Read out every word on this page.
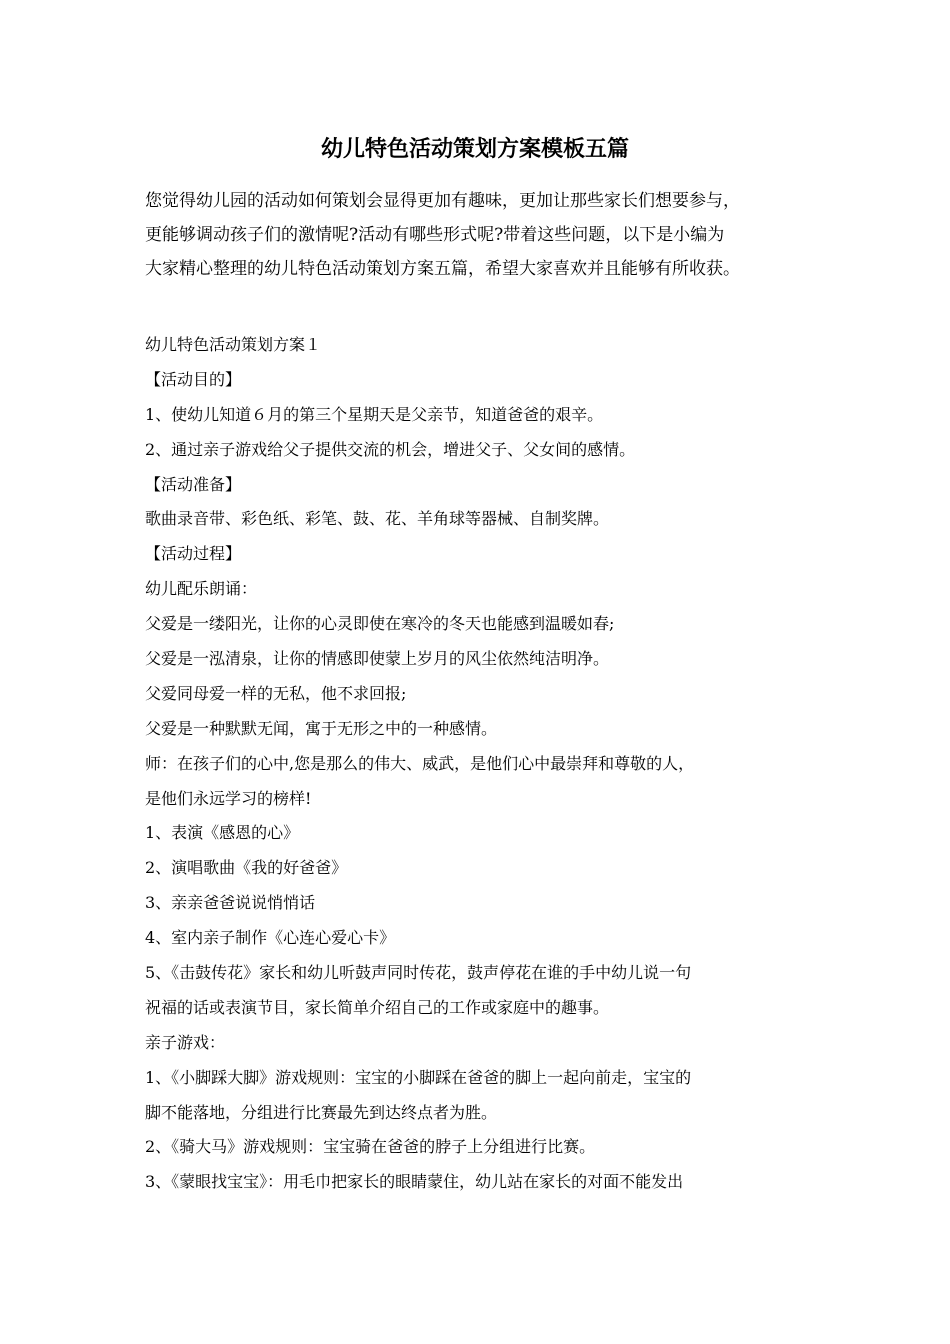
幼儿特色活动策划方案模板五篇

您觉得幼儿园的活动如何策划会显得更加有趣味，更加让那些家长们想要参与，
更能够调动孩子们的激情呢?活动有哪些形式呢?带着这些问题，以下是小编为
大家精心整理的幼儿特色活动策划方案五篇，希望大家喜欢并且能够有所收获。

幼儿特色活动策划方案１
【活动目的】
1、使幼儿知道６月的第三个星期天是父亲节，知道爸爸的艰辛。
2、通过亲子游戏给父子提供交流的机会，增进父子、父女间的感情。
【活动准备】
歌曲录音带、彩色纸、彩笔、鼓、花、羊角球等器械、自制奖牌。
【活动过程】
幼儿配乐朗诵：
父爱是一缕阳光，让你的心灵即使在寒冷的冬天也能感到温暖如春;
父爱是一泓清泉，让你的情感即使蒙上岁月的风尘依然纯洁明净。
父爱同母爱一样的无私，他不求回报;
父爱是一种默默无闻，寓于无形之中的一种感情。
师：在孩子们的心中,您是那么的伟大、威武，是他们心中最崇拜和尊敬的人，
是他们永远学习的榜样!
1、表演《感恩的心》
2、演唱歌曲《我的好爸爸》
3、亲亲爸爸说说悄悄话
4、室内亲子制作《心连心爱心卡》
5、《击鼓传花》家长和幼儿听鼓声同时传花，鼓声停花在谁的手中幼儿说一句
祝福的话或表演节目，家长简单介绍自己的工作或家庭中的趣事。
亲子游戏：
1、《小脚踩大脚》游戏规则：宝宝的小脚踩在爸爸的脚上一起向前走，宝宝的
脚不能落地，分组进行比赛最先到达终点者为胜。
2、《骑大马》游戏规则：宝宝骑在爸爸的脖子上分组进行比赛。
3、《蒙眼找宝宝》：用毛巾把家长的眼睛蒙住，幼儿站在家长的对面不能发出
